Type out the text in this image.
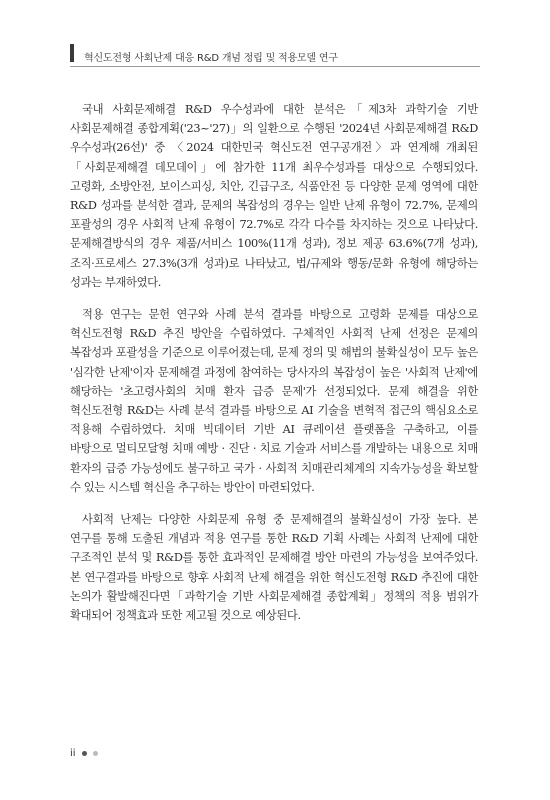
혁신도전형 사회난제 대응 R&D 개념 정립 및 적용모델 연구

국내 사회문제해결 R&D 우수성과에 대한 분석은「제3차 과학기술 기반 사회문제해결 종합계획('23~'27)」의 일환으로 수행된 '2024년 사회문제해결 R&D 우수성과(26선)' 중 〈2024 대한민국 혁신도전 연구공개전〉과 연계해 개최된「사회문제해결 데모데이」에 참가한 11개 최우수성과를 대상으로 수행되었다. 고령화, 소방안전, 보이스피싱, 치안, 긴급구조, 식품안전 등 다양한 문제 영역에 대한 R&D 성과를 분석한 결과, 문제의 복잡성의 경우는 일반 난제 유형이 72.7%, 문제의 포괄성의 경우 사회적 난제 유형이 72.7%로 각각 다수를 차지하는 것으로 나타났다. 문제해결방식의 경우 제품/서비스 100%(11개 성과), 정보 제공 63.6%(7개 성과), 조직·프로세스 27.3%(3개 성과)로 나타났고, 법/규제와 행동/문화 유형에 해당하는 성과는 부재하였다.

적용 연구는 문헌 연구와 사례 분석 결과를 바탕으로 고령화 문제를 대상으로 혁신도전형 R&D 추진 방안을 수립하였다. 구체적인 사회적 난제 선정은 문제의 복잡성과 포괄성을 기준으로 이루어졌는데, 문제 정의 및 해법의 불확실성이 모두 높은 '심각한 난제'이자 문제해결 과정에 참여하는 당사자의 복잡성이 높은 '사회적 난제'에 해당하는 '초고령사회의 치매 환자 급증 문제'가 선정되었다. 문제 해결을 위한 혁신도전형 R&D는 사례 분석 결과를 바탕으로 AI 기술을 변혁적 접근의 핵심요소로 적용해 수립하였다. 치매 빅데이터 기반 AI 큐레이션 플랫폼을 구축하고, 이를 바탕으로 멀티모달형 치매 예방 · 진단 · 치료 기술과 서비스를 개발하는 내용으로 치매 환자의 급증 가능성에도 불구하고 국가 · 사회적 치매관리체계의 지속가능성을 확보할 수 있는 시스템 혁신을 추구하는 방안이 마련되었다.

사회적 난제는 다양한 사회문제 유형 중 문제해결의 불확실성이 가장 높다. 본 연구를 통해 도출된 개념과 적용 연구를 통한 R&D 기획 사례는 사회적 난제에 대한 구조적인 분석 및 R&D를 통한 효과적인 문제해결 방안 마련의 가능성을 보여주었다. 본 연구결과를 바탕으로 향후 사회적 난제 해결을 위한 혁신도전형 R&D 추진에 대한 논의가 활발해진다면「과학기술 기반 사회문제해결 종합계획」정책의 적용 범위가 확대되어 정책효과 또한 제고될 것으로 예상된다.

ii
